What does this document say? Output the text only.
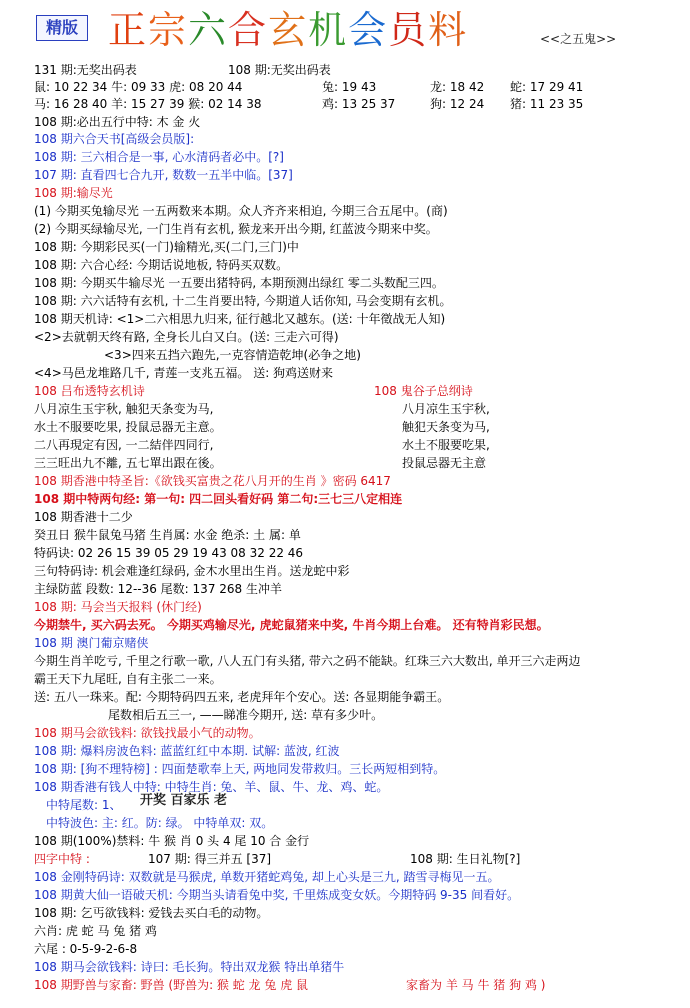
精版 正宗六合玄机会员料	<<之五鬼>>
131 期:无奖出码表	108 期:无奖出码表
鼠: 10 22 34 牛: 09 33 虎: 08 20 44	兔: 19 43	龙: 18 42 蛇: 17 29 41
马: 16 28 40 羊: 15 27 39 猴: 02 14 38	鸡: 13 25 37	狗: 12 24 猪: 11 23 35
108 期:必出五行中特: 木 金 火
108 期六合天书[高级会员版]:
108 期: 三六相合是一事, 心水清码者必中。[?]
107 期: 直看四七合九开, 数数一五半中临。[37]
108 期:输尽光
(1) 今期买兔输尽光 一五两数来本期。众人齐齐来相迫, 今期三合五尾中。(商)
(2) 今期买绿输尽光, 一门生肖有玄机, 猴龙来开出今期, 红蓝波今期来中奖。
108 期: 今期彩民买(一门)输精光,买(二门,三门)中
108 期: 六合心经: 今期话说地板, 特码买双数。
108 期: 今期买牛输尽光 一五要出猪特码, 本期预测出绿红 零二头数配三四。
108 期: 六六话特有玄机, 十二生肖要出特, 今期道人话你知, 马会变期有玄机。
108 期天机诗: <1>二六相思九归来, 征行越北又越东。(送: 十年徵战无人知)
<2>去就朝天终有路, 全身长儿白又白。(送: 三走六可得)
<3>四来五挡六跑先,一克容情造乾坤(必争之地)
<4>马邑龙堆路几千, 青莲一支兆五福。 送: 狗鸡送财来
108 吕布透特玄机诗	108 鬼谷子总纲诗
八月凉生玉宇秋, 触犯天条变为马,	八月凉生玉宇秋,
水土不服要吃果, 投鼠忌器无主意。	触犯天条变为马,
二八再現定有因, 一二結伴四同行,	水土不服要吃果,
三三旺出九不離, 五七單出跟在後。	投鼠忌器无主意
108 期香港中特圣旨:《欲钱买富贵之花八月开的生肖 》密码 6417
108 期中特两句经: 第一句: 四二回头看好码 第二句:三七三八定相连
108 期香港十二少
癸丑日 猴牛鼠兔马猪 生肖属: 水金 绝杀: 土 属: 单
特码诀: 02 26 15 39 05 29 19 43 08 32 22 46
三句特码诗: 机会难逢红绿码, 金木水里出生肖。送龙蛇中彩
主绿防蓝 段数: 12--36 尾数: 137 268 生冲羊
108 期: 马会当天报料 (休门经)
今期禁牛, 买六码去死。 今期买鸡输尽光, 虎蛇鼠猪来中奖, 牛肖今期上台难。 还有特肖彩民想。
108 期 澳门葡京赌侠
今期生肖羊吃亏, 千里之行歌一歌, 八人五门有头猪, 带六之码不能缺。红珠三六大数出, 单开三六走两边
霸王天下九尾旺, 自有主张二一来。
送: 五八一珠来。配: 今期特码四五来, 老虎拜年个安心。送: 各显期能争霸王。
尾数相后五三一, ——睇准今期开, 送: 草有多少叶。
108 期马会欲钱料: 欲钱找最小气的动物。
108 期: 爆料房波色料: 蓝蓝红红中本期. 试解: 蓝波, 红波
108 期: [狗不理特榜] : 四面楚歌奉上天, 两地同发带救归。三长两短相到特。
108 期香港有钱人中特: 中特生肖: 兔、羊、鼠、牛、龙、鸡、蛇。
中特尾数: 1、
中特波色: 主: 红。防: 绿。 中特单双: 双。
108 期(100%)禁料: 牛 猴 肖 0 头 4 尾 10 合 金行
四字中特 :	107 期: 得三并五 [37]	108 期: 生日礼物[?]
108 金刚特码诗: 双数就是马猴虎, 单数开猪蛇鸡兔, 却上心头是三九, 踏雪寻梅见一五。
108 期黄大仙一语破天机: 今期当头请看兔中奖, 千里炼成变女妖。今期特码 9-35 间看好。
108 期: 乞丐欲钱料: 爱钱去买白毛的动物。
六肖: 虎 蛇 马 兔 猪 鸡
六尾 : 0-5-9-2-6-8
108 期马会欲钱料: 诗曰: 毛长狗。特出双龙猴 特出单猪牛
108 期野兽与家畜: 野兽 (野兽为: 猴 蛇 龙 兔 虎 鼠	家畜为 羊 马 牛 猪 狗 鸡 )
开奖 百家乐 老
